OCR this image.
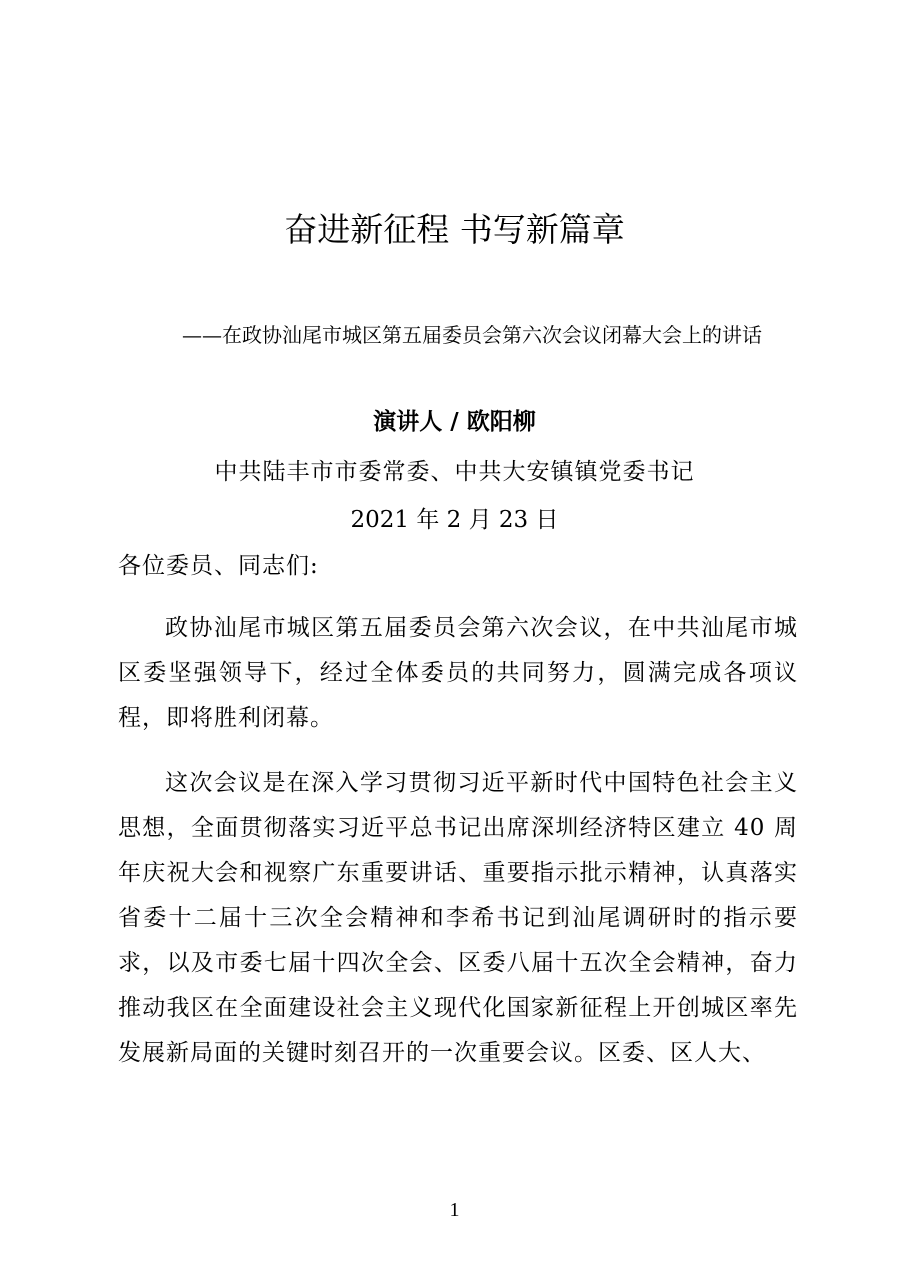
奋进新征程 书写新篇章
——在政协汕尾市城区第五届委员会第六次会议闭幕大会上的讲话
演讲人 / 欧阳柳
中共陆丰市市委常委、中共大安镇镇党委书记
2021 年 2 月 23 日
各位委员、同志们:

政协汕尾市城区第五届委员会第六次会议，在中共汕尾市城区委坚强领导下，经过全体委员的共同努力，圆满完成各项议程，即将胜利闭幕。

这次会议是在深入学习贯彻习近平新时代中国特色社会主义思想，全面贯彻落实习近平总书记出席深圳经济特区建立 40 周年庆祝大会和视察广东重要讲话、重要指示批示精神，认真落实省委十二届十三次全会精神和李希书记到汕尾调研时的指示要求，以及市委七届十四次全会、区委八届十五次全会精神，奋力推动我区在全面建设社会主义现代化国家新征程上开创城区率先发展新局面的关键时刻召开的一次重要会议。区委、区人大、

1
